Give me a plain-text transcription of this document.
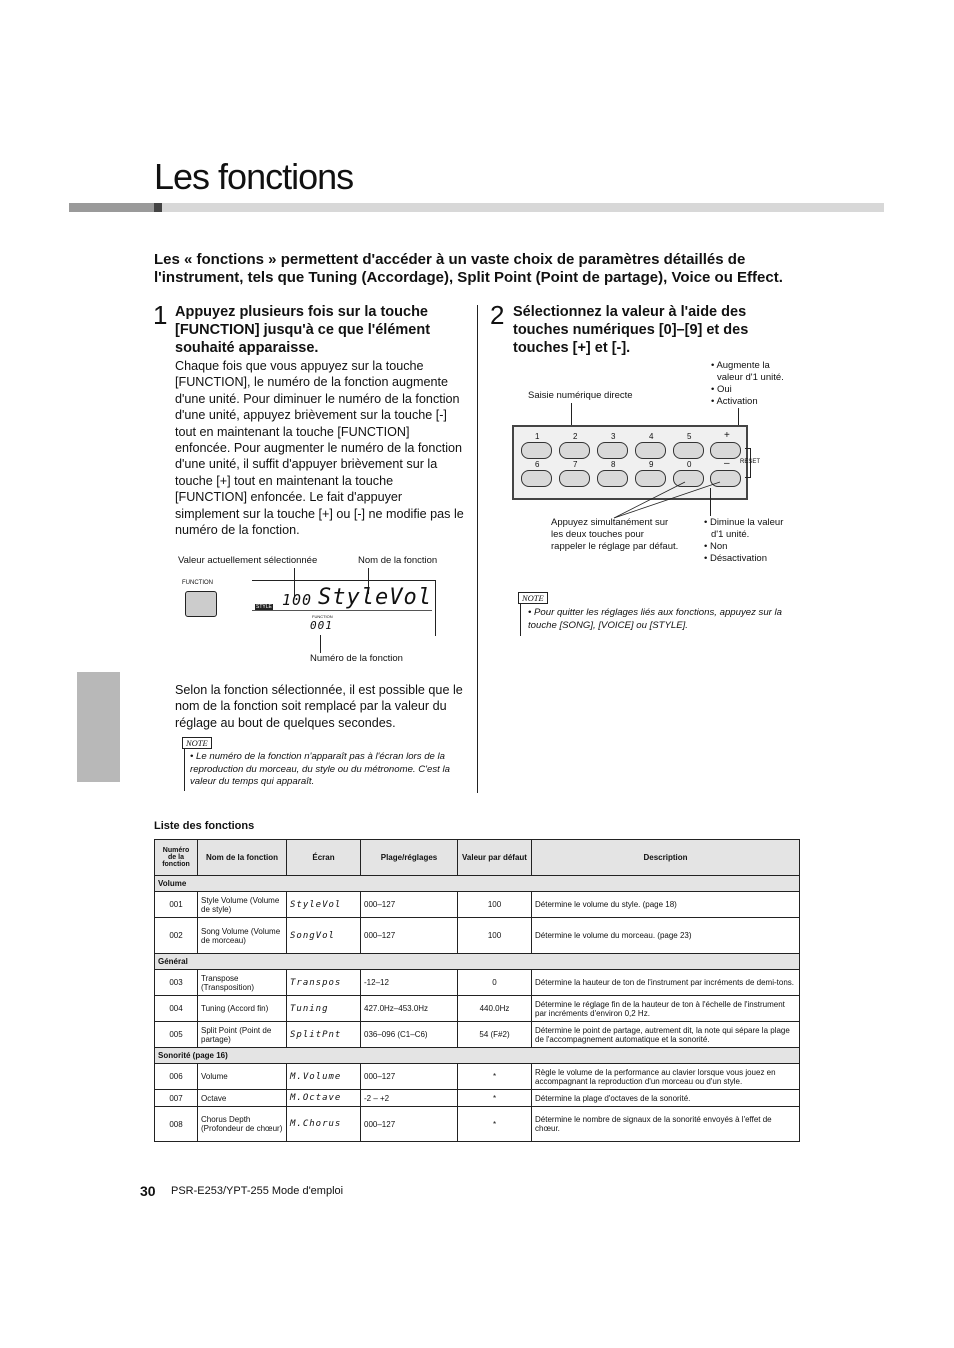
Les fonctions
Les « fonctions » permettent d'accéder à un vaste choix de paramètres détaillés de l'instrument, tels que Tuning (Accordage), Split Point (Point de partage), Voice ou Effect.
1 Appuyez plusieurs fois sur la touche [FUNCTION] jusqu'à ce que l'élément souhaité apparaisse.
Chaque fois que vous appuyez sur la touche [FUNCTION], le numéro de la fonction augmente d'une unité. Pour diminuer le numéro de la fonction d'une unité, appuyez brièvement sur la touche [-] tout en maintenant la touche [FUNCTION] enfoncée. Pour augmenter le numéro de la fonction d'une unité, il suffit d'appuyer brièvement sur la touche [+] tout en maintenant la touche [FUNCTION] enfoncée. Le fait d'appuyer simplement sur la touche [+] ou [-] ne modifie pas le numéro de la fonction.
Valeur actuellement sélectionnée	Nom de la fonction
FUNCTION
STYLE 100 StyleVol
FUNCTION
001
Numéro de la fonction
Selon la fonction sélectionnée, il est possible que le nom de la fonction soit remplacé par la valeur du réglage au bout de quelques secondes.
NOTE
• Le numéro de la fonction n'apparaît pas à l'écran lors de la reproduction du morceau, du style ou du métronome. C'est la valeur du temps qui apparaît.
2 Sélectionnez la valeur à l'aide des touches numériques [0]–[9] et des touches [+] et [-].
• Augmente la
valeur d'1 unité.
• Oui
• Activation
Saisie numérique directe
1	2	3	4	5	+
6	7	8	9	0	– RESET
Appuyez simultanément sur
les deux touches pour
rappeler le réglage par défaut.
• Diminue la valeur
d'1 unité.
• Non
• Désactivation
NOTE
• Pour quitter les réglages liés aux fonctions, appuyez sur la touche [SONG], [VOICE] ou [STYLE].
Liste des fonctions
Numéro de la fonction	Nom de la fonction	Écran	Plage/réglages	Valeur par défaut	Description
Volume					
001	Style Volume (Volume de style)	StyleVol	000–127	100	Détermine le volume du style. (page 18)
002	Song Volume (Volume de morceau)	SongVol	000–127	100	Détermine le volume du morceau. (page 23)
Général					
003	Transpose (Transposition)	Transpos	-12–12	0	Détermine la hauteur de ton de l'instrument par incréments de demi-tons.
004	Tuning (Accord fin)	Tuning	427.0Hz–453.0Hz	440.0Hz	Détermine le réglage fin de la hauteur de ton à l'échelle de l'instrument par incréments d'environ 0,2 Hz.
005	Split Point (Point de partage)	SplitPnt	036–096 (C1–C6)	54 (F#2)	Détermine le point de partage, autrement dit, la note qui sépare la plage de l'accompagnement automatique et la sonorité.
Sonorité (page 16)					
006	Volume	M.Volume	000–127	*	Règle le volume de la performance au clavier lorsque vous jouez en accompagnant la reproduction d'un morceau ou d'un style.
007	Octave	M.Octave	-2 – +2	*	Détermine la plage d'octaves de la sonorité.
008	Chorus Depth (Profondeur de chœur)	M.Chorus	000–127	*	Détermine le nombre de signaux de la sonorité envoyés à l'effet de chœur.
30 PSR-E253/YPT-255 Mode d'emploi
